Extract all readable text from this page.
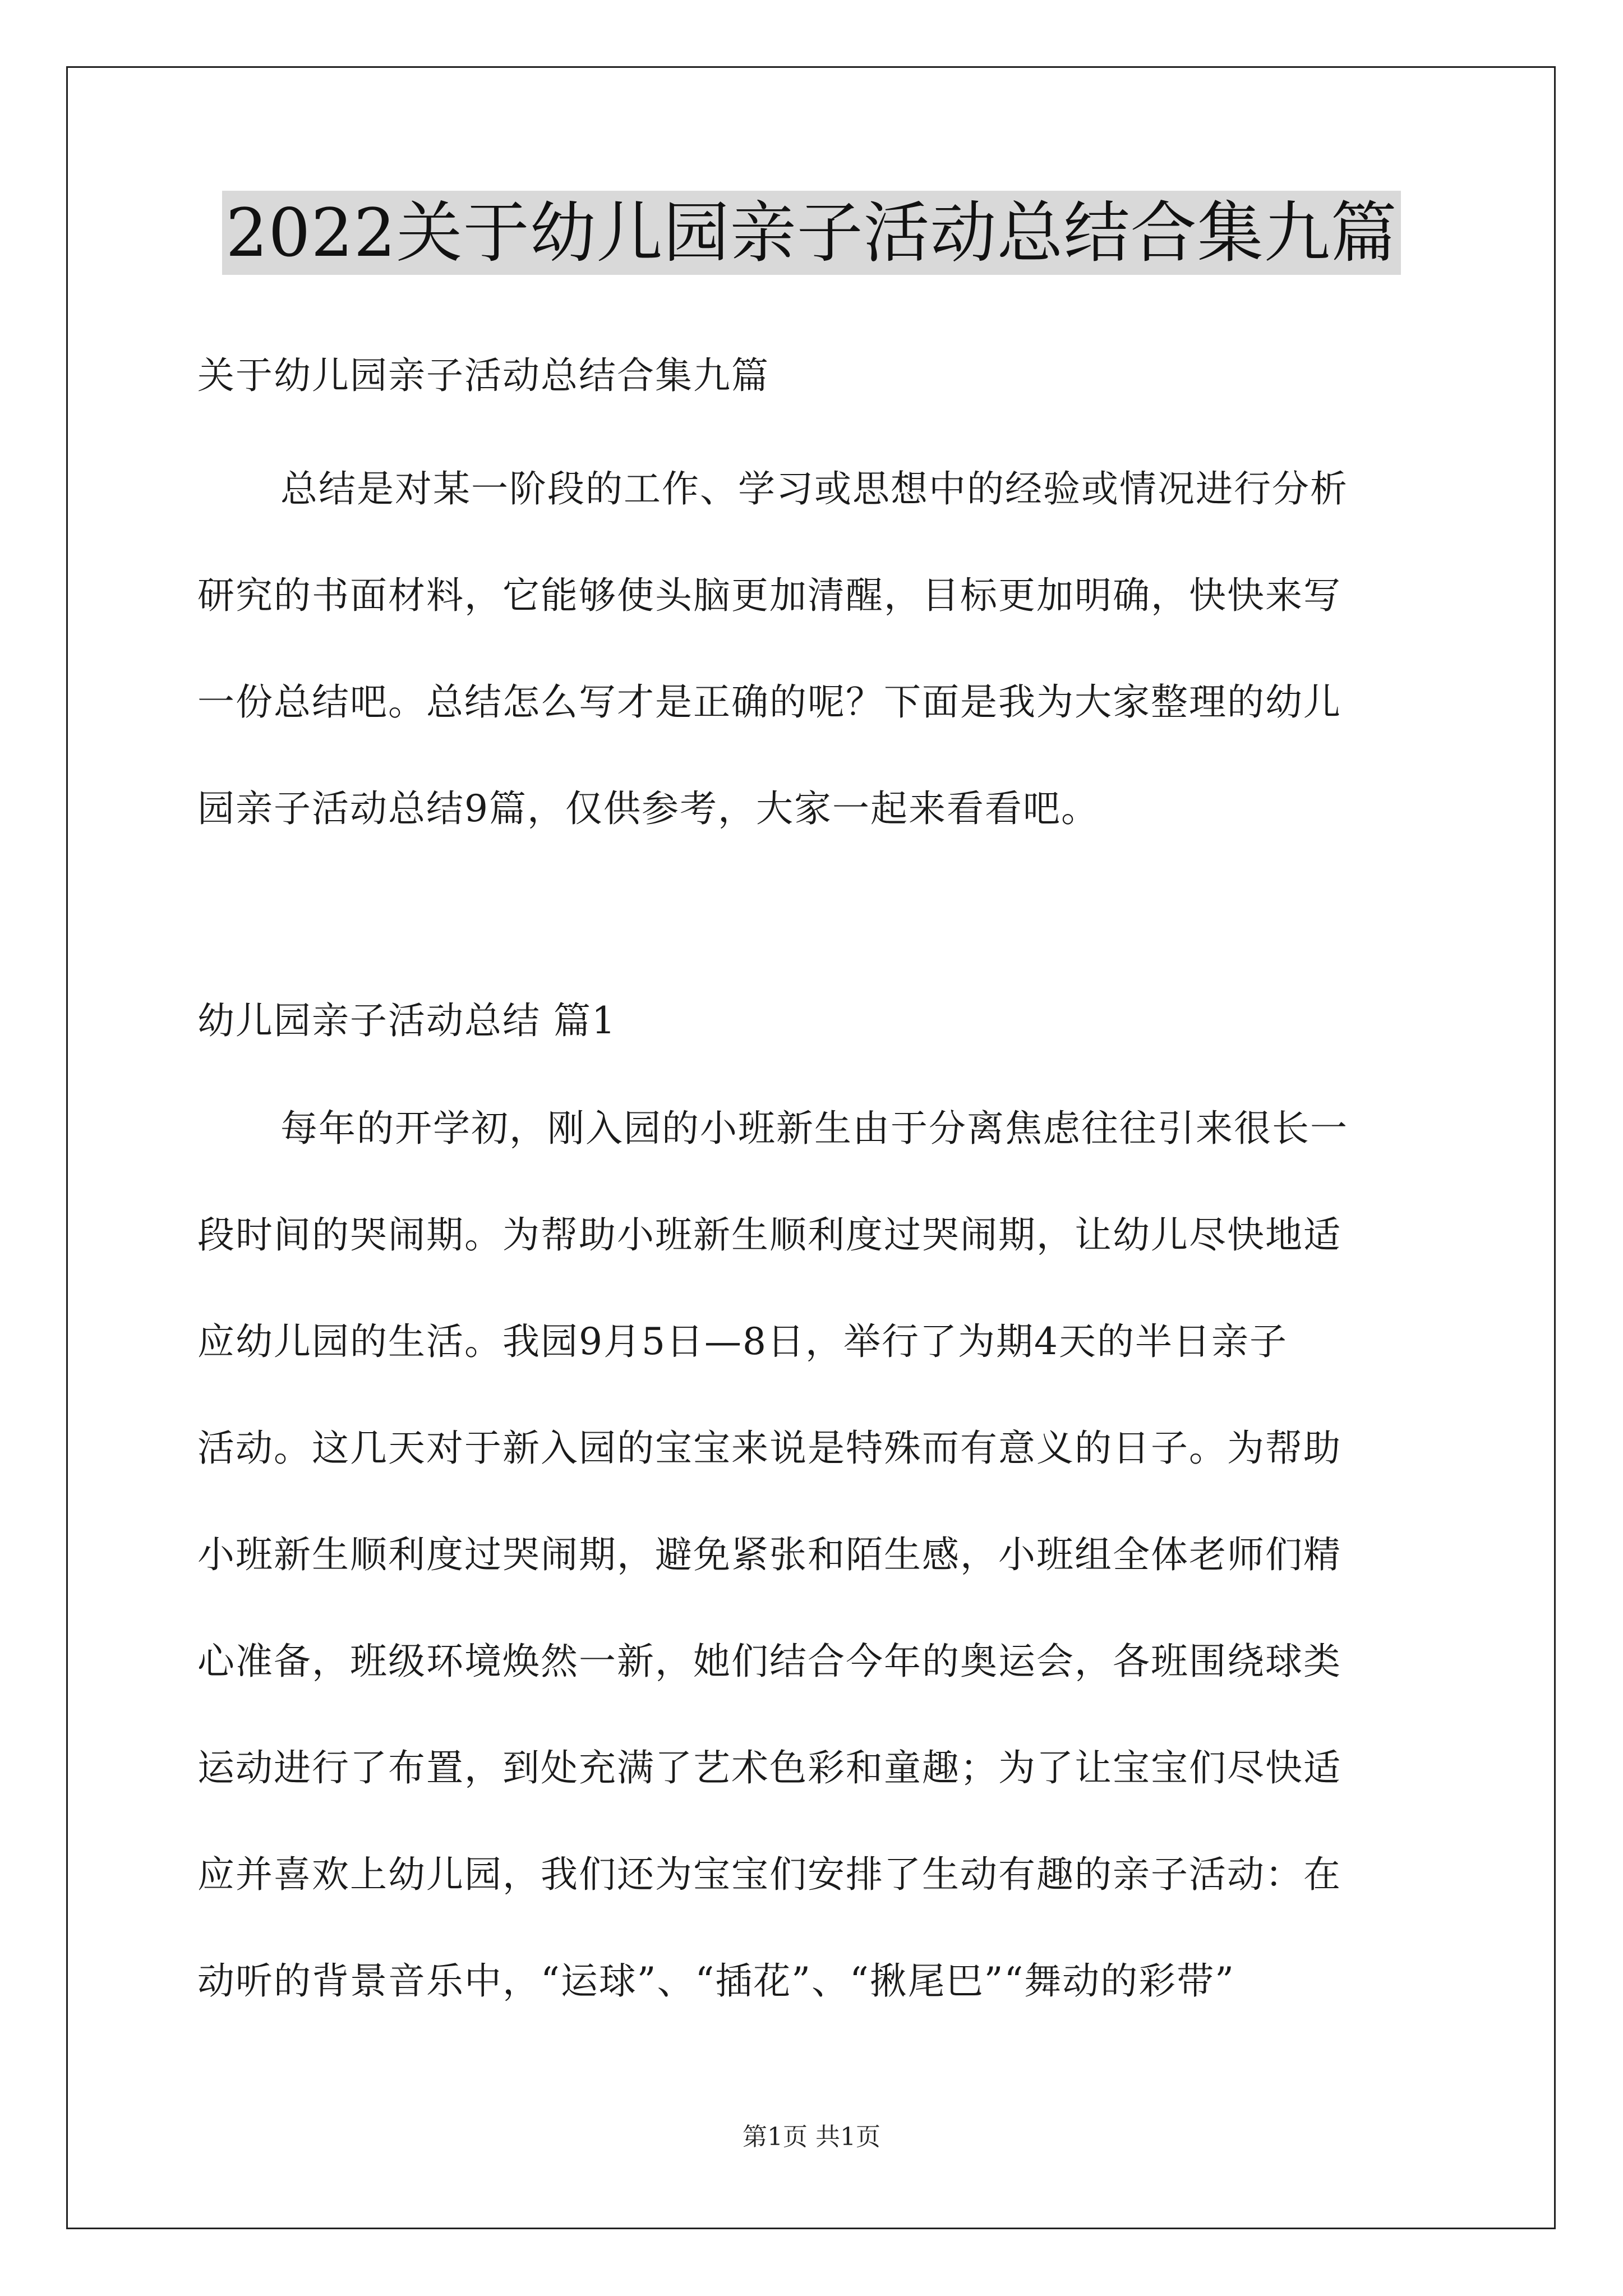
2022关于幼儿园亲子活动总结合集九篇
关于幼儿园亲子活动总结合集九篇
总结是对某一阶段的工作、学习或思想中的经验或情况进行分析
研究的书面材料，它能够使头脑更加清醒，目标更加明确，快快来写
一份总结吧。总结怎么写才是正确的呢？下面是我为大家整理的幼儿
园亲子活动总结9篇，仅供参考，大家一起来看看吧。
幼儿园亲子活动总结 篇1
每年的开学初，刚入园的小班新生由于分离焦虑往往引来很长一
段时间的哭闹期。为帮助小班新生顺利度过哭闹期，让幼儿尽快地适
应幼儿园的生活。我园9月5日—8日，举行了为期4天的半日亲子
活动。这几天对于新入园的宝宝来说是特殊而有意义的日子。为帮助
小班新生顺利度过哭闹期，避免紧张和陌生感，小班组全体老师们精
心准备，班级环境焕然一新，她们结合今年的奥运会，各班围绕球类
运动进行了布置，到处充满了艺术色彩和童趣；为了让宝宝们尽快适
应并喜欢上幼儿园，我们还为宝宝们安排了生动有趣的亲子活动：在
动听的背景音乐中，“运球”、“插花”、“揪尾巴”“舞动的彩带”
第1页 共1页
